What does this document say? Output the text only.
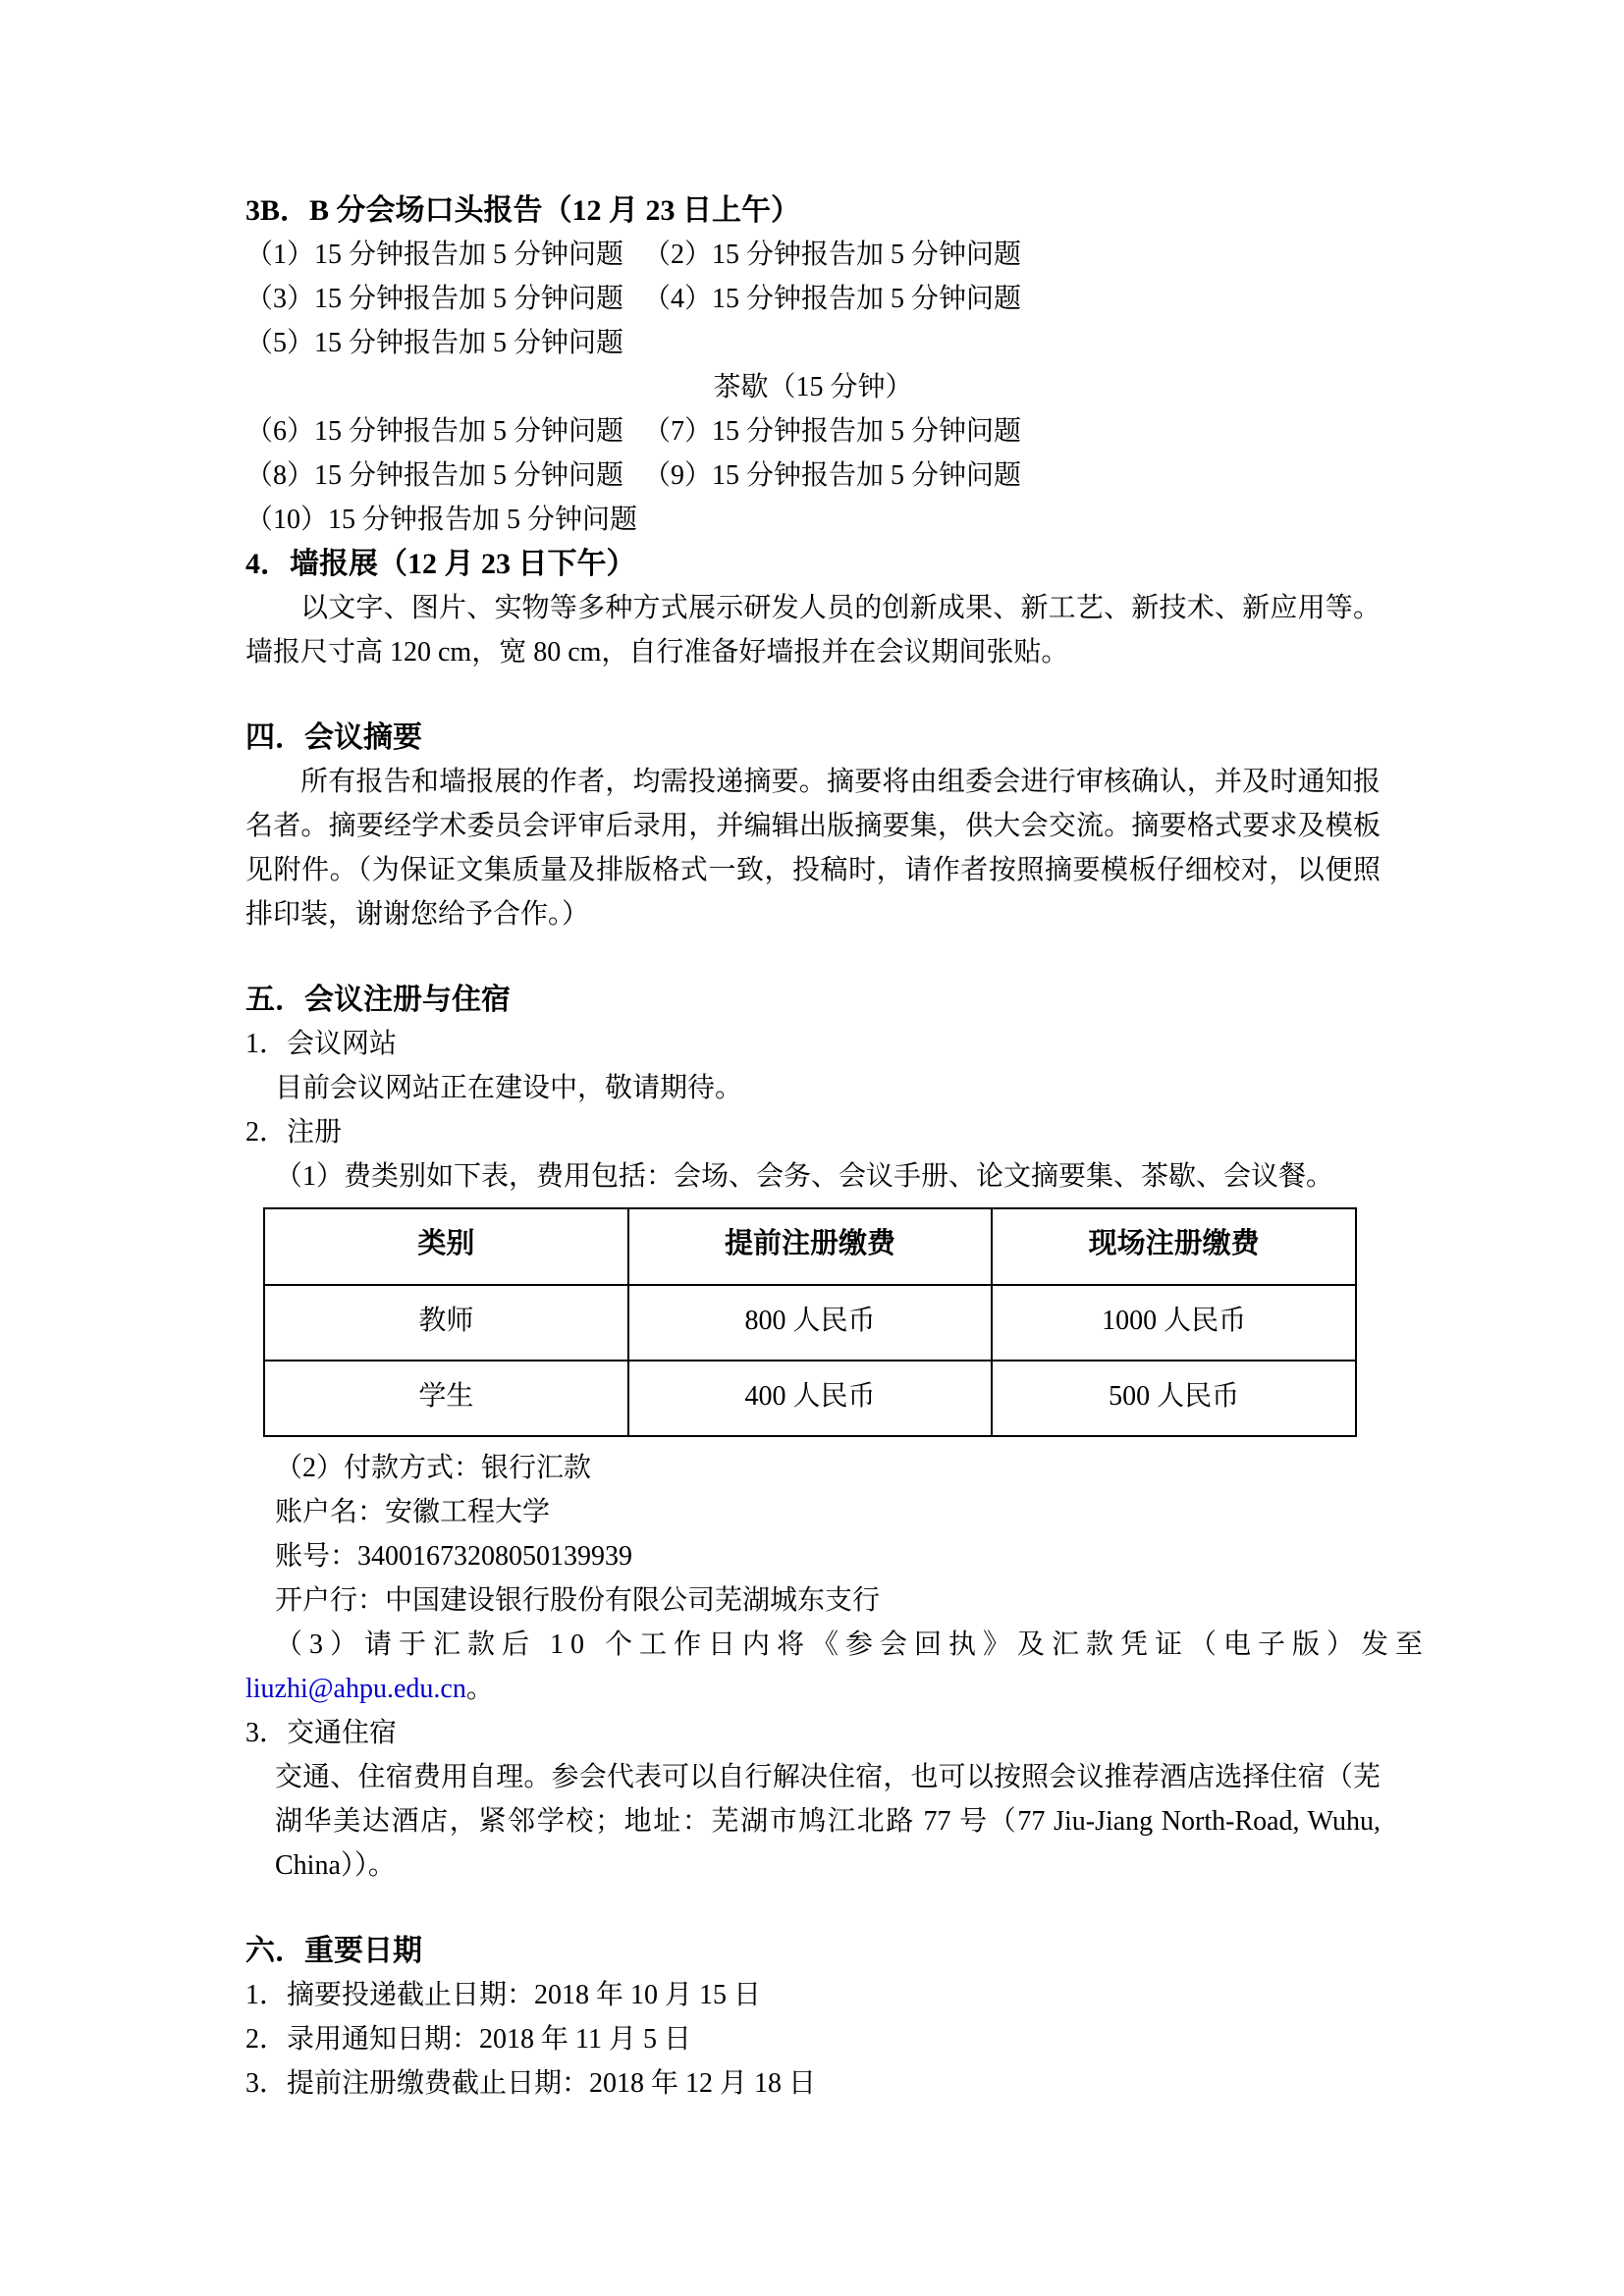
3B．B 分会场口头报告（12 月 23 日上午）
（1）15 分钟报告加 5 分钟问题 （2）15 分钟报告加 5 分钟问题
（3）15 分钟报告加 5 分钟问题 （4）15 分钟报告加 5 分钟问题
（5）15 分钟报告加 5 分钟问题
茶歇（15 分钟）
（6）15 分钟报告加 5 分钟问题 （7）15 分钟报告加 5 分钟问题
（8）15 分钟报告加 5 分钟问题 （9）15 分钟报告加 5 分钟问题
（10）15 分钟报告加 5 分钟问题
4．墙报展（12 月 23 日下午）

以文字、图片、实物等多种方式展示研发人员的创新成果、新工艺、新技术、新应用等。墙报尺寸高 120 cm，宽 80 cm，自行准备好墙报并在会议期间张贴。

四．会议摘要

所有报告和墙报展的作者，均需投递摘要。摘要将由组委会进行审核确认，并及时通知报名者。摘要经学术委员会评审后录用，并编辑出版摘要集，供大会交流。摘要格式要求及模板见附件。（为保证文集质量及排版格式一致，投稿时，请作者按照摘要模板仔细校对，以便照排印装，谢谢您给予合作。）

五．会议注册与住宿
1．会议网站
目前会议网站正在建设中，敬请期待。
2．注册

（1）费类别如下表，费用包括：会场、会务、会议手册、论文摘要集、茶歇、会议餐。

类别	提前注册缴费	现场注册缴费
教师	800 人民币	1000 人民币
学生	400 人民币	500 人民币
（2）付款方式：银行汇款
账户名：安徽工程大学
账号：34001673208050139939
开户行：中国建设银行股份有限公司芜湖城东支行
（3）请于汇款后 10 个工作日内将《参会回执》及汇款凭证（电子版）发至
liuzhi@ahpu.edu.cn。
3．交通住宿

交通、住宿费用自理。参会代表可以自行解决住宿，也可以按照会议推荐酒店选择住宿（芜湖华美达酒店，紧邻学校；地址：芜湖市鸠江北路 77 号（77 Jiu-Jiang North-Road, Wuhu, China））。

六．重要日期
1．摘要投递截止日期：2018 年 10 月 15 日
2．录用通知日期：2018 年 11 月 5 日
3．提前注册缴费截止日期：2018 年 12 月 18 日
